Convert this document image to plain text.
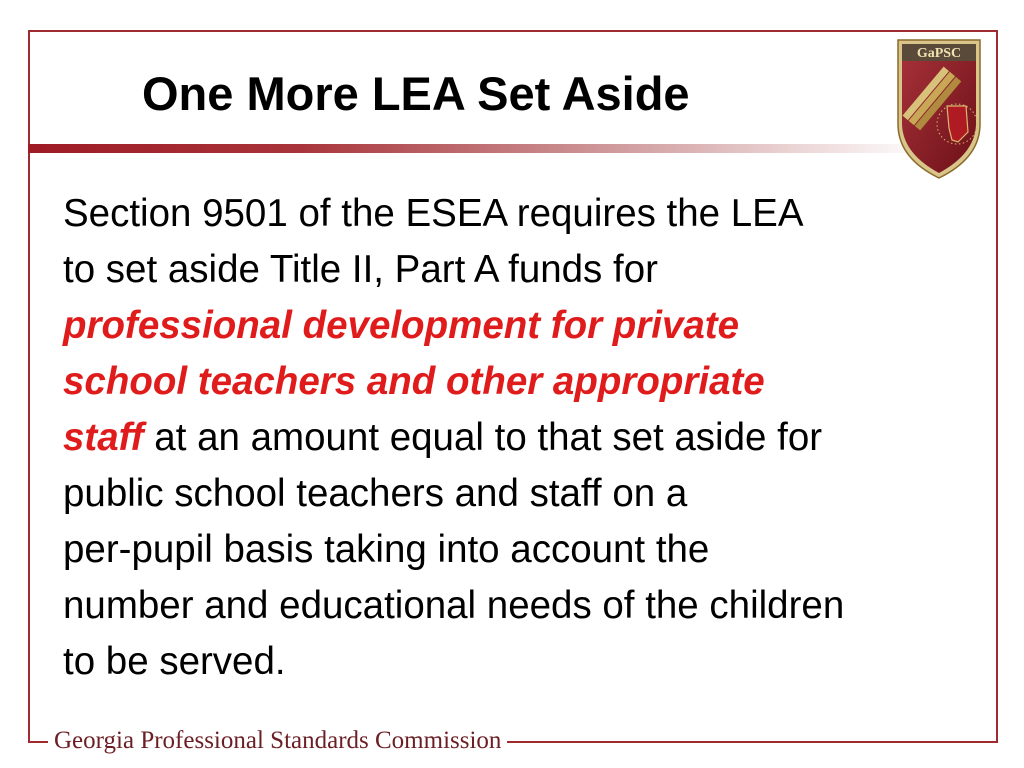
One More LEA Set Aside
GaPSC
Section 9501 of the ESEA requires the LEA
to set aside Title II, Part A funds for
professional development for private
school teachers and other appropriate
staff at an amount equal to that set aside for
public school teachers and staff on a
per-pupil basis taking into account the
number and educational needs of the children
to be served.
Georgia Professional Standards Commission
